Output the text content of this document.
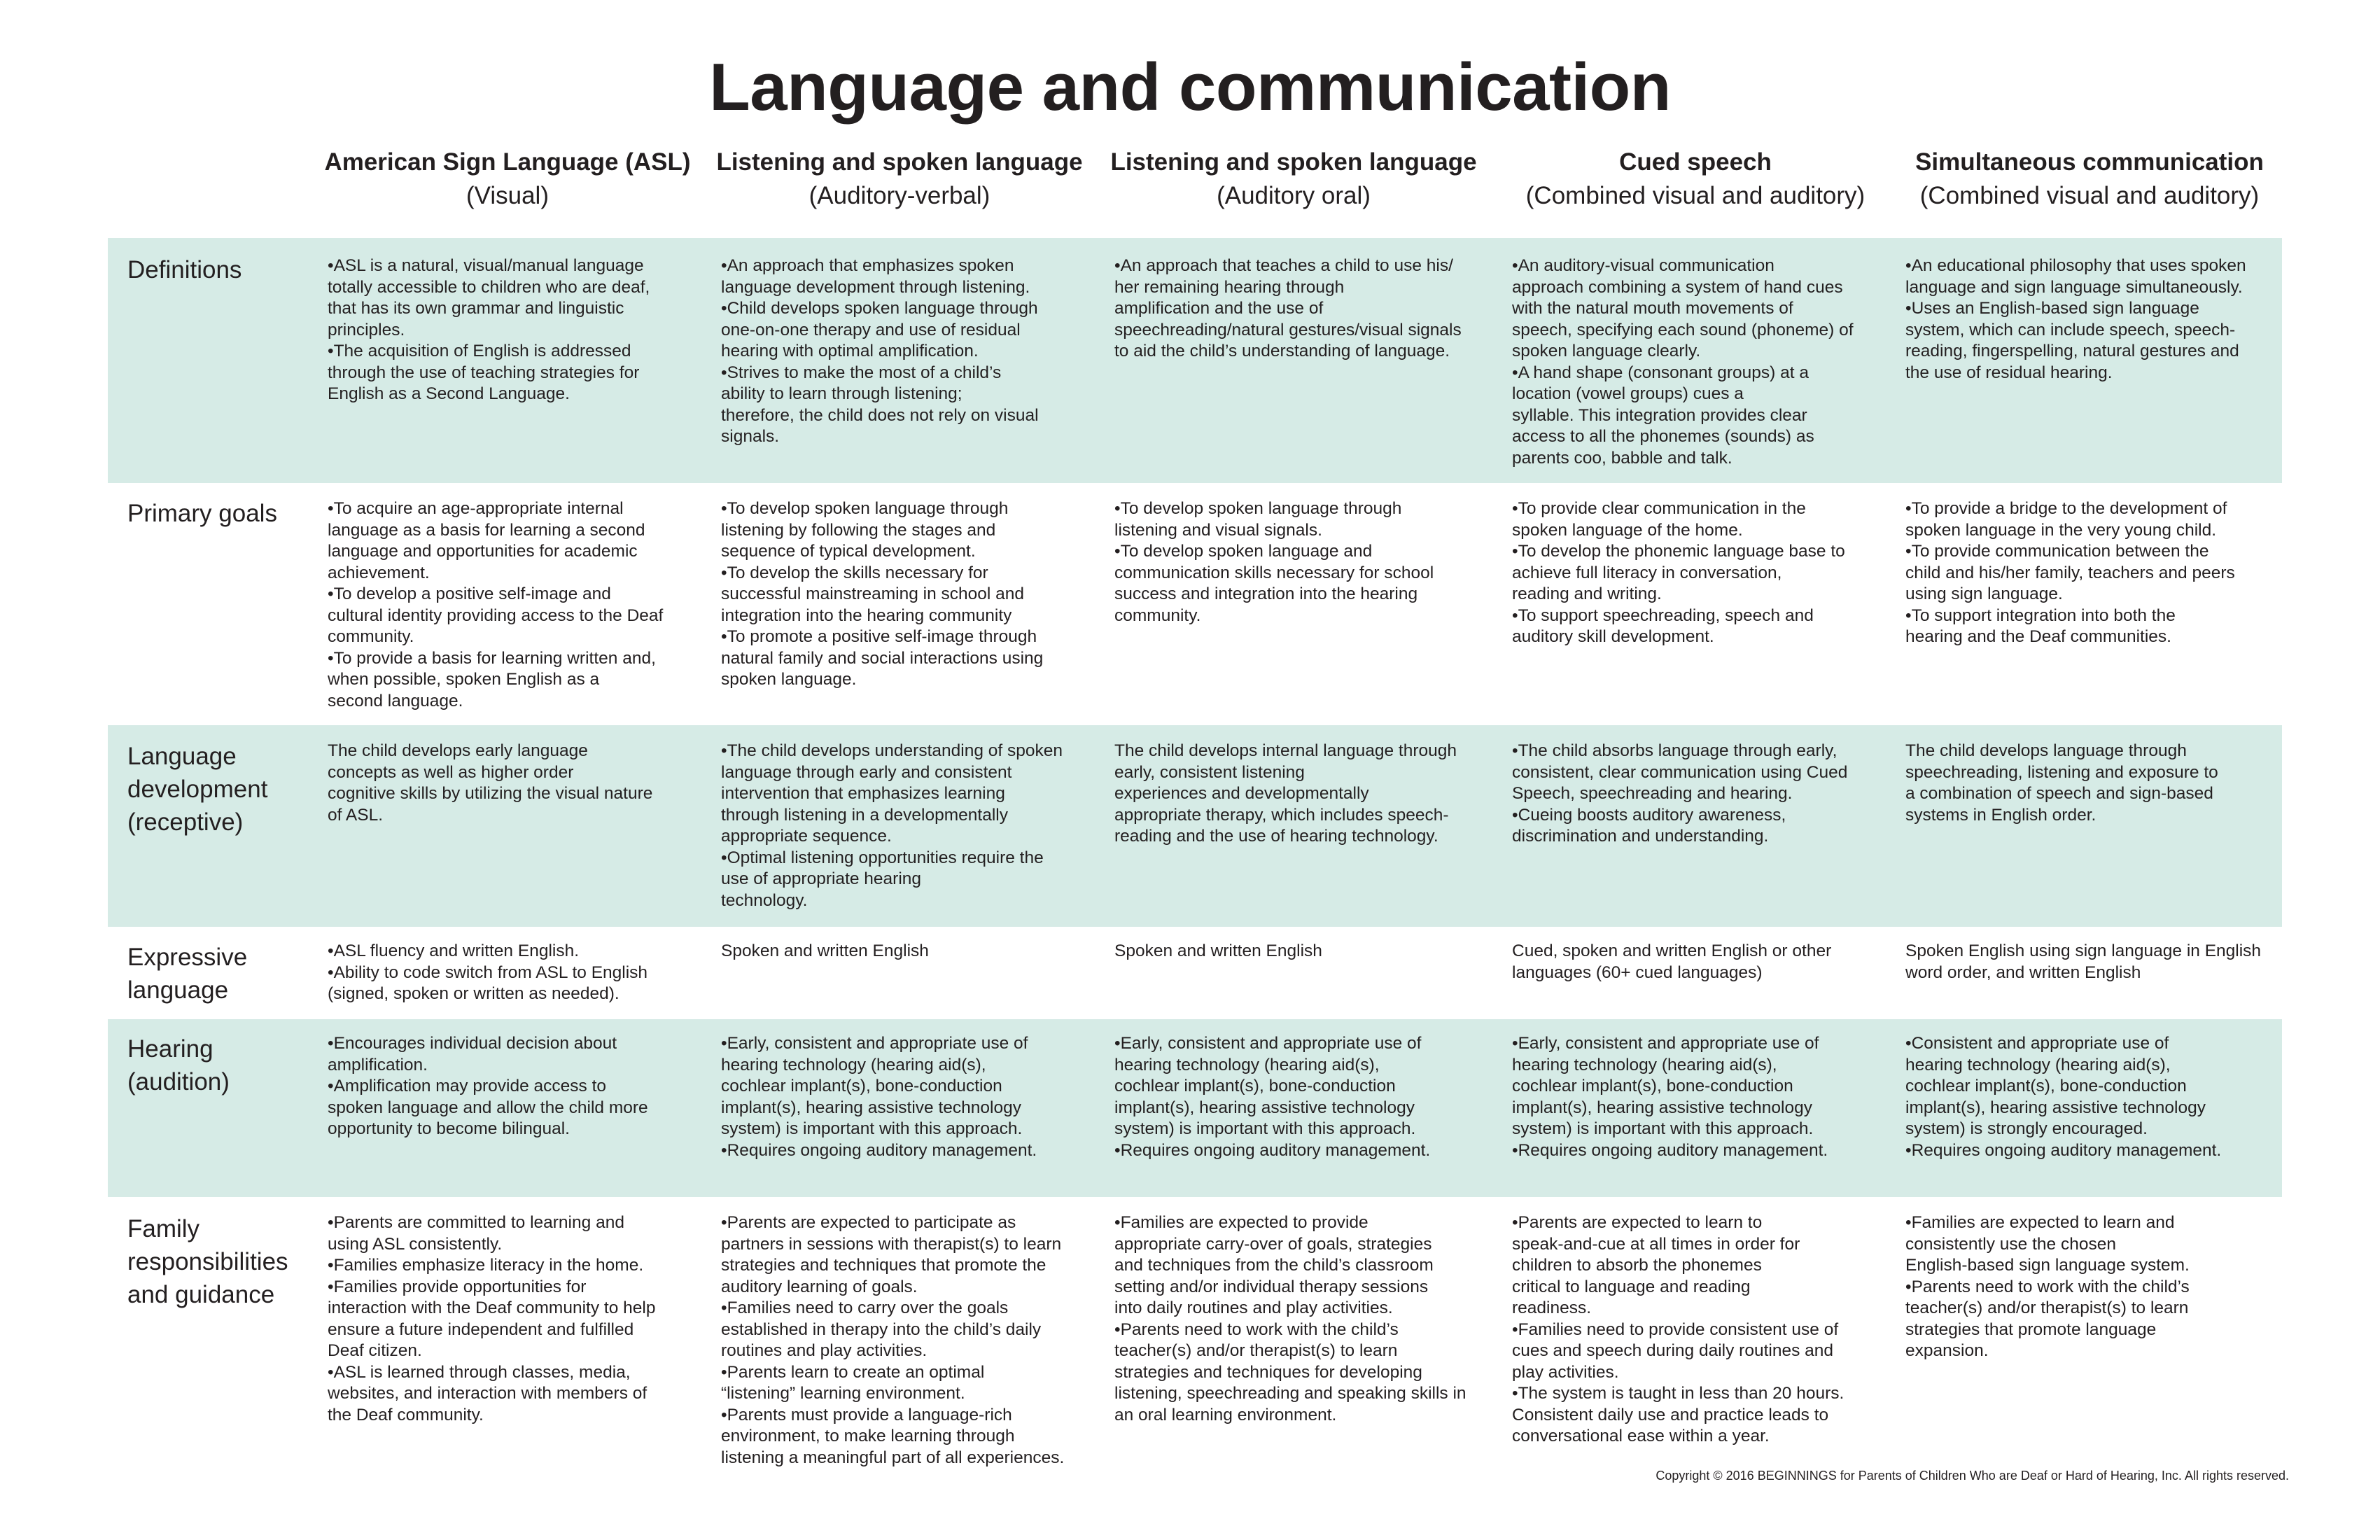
Language and communication
American Sign Language (ASL)
(Visual)
Listening and spoken language
(Auditory-verbal)
Listening and spoken language
(Auditory oral)
Cued speech
(Combined visual and auditory)
Simultaneous communication
(Combined visual and auditory)
Definitions
Primary goals
Language
development
(receptive)
Expressive
language
Hearing
(audition)
Family
responsibilities
and guidance
•ASL is a natural, visual/manual language
totally accessible to children who are deaf,
that has its own grammar and linguistic
principles.
•The acquisition of English is addressed
through the use of teaching strategies for
English as a Second Language.
•An approach that emphasizes spoken
language development through listening.
•Child develops spoken language through
one-on-one therapy and use of residual
hearing with optimal amplification.
•Strives to make the most of a child’s
ability to learn through listening;
therefore, the child does not rely on visual
signals.
•An approach that teaches a child to use his/
her remaining hearing through
amplification and the use of
speechreading/natural gestures/visual signals
to aid the child’s understanding of language.
•An auditory-visual communication
approach combining a system of hand cues
with the natural mouth movements of
speech, specifying each sound (phoneme) of
spoken language clearly.
•A hand shape (consonant groups) at a
location (vowel groups) cues a
syllable. This integration provides clear
access to all the phonemes (sounds) as
parents coo, babble and talk.
•An educational philosophy that uses spoken
language and sign language simultaneously.
•Uses an English-based sign language
system, which can include speech, speech-
reading, fingerspelling, natural gestures and
the use of residual hearing.
•To acquire an age-appropriate internal
language as a basis for learning a second
language and opportunities for academic
achievement.
•To develop a positive self-image and
cultural identity providing access to the Deaf
community.
•To provide a basis for learning written and,
when possible, spoken English as a
second language.
•To develop spoken language through
listening by following the stages and
sequence of typical development.
•To develop the skills necessary for
successful mainstreaming in school and
integration into the hearing community
•To promote a positive self-image through
natural family and social interactions using
spoken language.
•To develop spoken language through
listening and visual signals.
•To develop spoken language and
communication skills necessary for school
success and integration into the hearing
community.
•To provide clear communication in the
spoken language of the home.
•To develop the phonemic language base to
achieve full literacy in conversation,
reading and writing.
•To support speechreading, speech and
auditory skill development.
•To provide a bridge to the development of
spoken language in the very young child.
•To provide communication between the
child and his/her family, teachers and peers
using sign language.
•To support integration into both the
hearing and the Deaf communities.
The child develops early language
concepts as well as higher order
cognitive skills by utilizing the visual nature
of ASL.
•The child develops understanding of spoken
language through early and consistent
intervention that emphasizes learning
through listening in a developmentally
appropriate sequence.
•Optimal listening opportunities require the
use of appropriate hearing
technology.
The child develops internal language through
early, consistent listening
experiences and developmentally
appropriate therapy, which includes speech-
reading and the use of hearing technology.
•The child absorbs language through early,
consistent, clear communication using Cued
Speech, speechreading and hearing.
•Cueing boosts auditory awareness,
discrimination and understanding.
The child develops language through
speechreading, listening and exposure to
a combination of speech and sign-based
systems in English order.
•ASL fluency and written English.
•Ability to code switch from ASL to English
(signed, spoken or written as needed).
Spoken and written English	Spoken and written English	Cued, spoken and written English or other
languages (60+ cued languages)
Spoken English using sign language in English
word order, and written English
•Encourages individual decision about
amplification.
•Amplification may provide access to
spoken language and allow the child more
opportunity to become bilingual.
•Early, consistent and appropriate use of
hearing technology (hearing aid(s),
cochlear implant(s), bone-conduction
implant(s), hearing assistive technology
system) is important with this approach.
•Requires ongoing auditory management.
•Early, consistent and appropriate use of
hearing technology (hearing aid(s),
cochlear implant(s), bone-conduction
implant(s), hearing assistive technology
system) is important with this approach.
•Requires ongoing auditory management.
•Early, consistent and appropriate use of
hearing technology (hearing aid(s),
cochlear implant(s), bone-conduction
implant(s), hearing assistive technology
system) is important with this approach.
•Requires ongoing auditory management.
•Consistent and appropriate use of
hearing technology (hearing aid(s),
cochlear implant(s), bone-conduction
implant(s), hearing assistive technology
system) is strongly encouraged.
•Requires ongoing auditory management.
•Parents are committed to learning and
using ASL consistently.
•Families emphasize literacy in the home.
•Families provide opportunities for
interaction with the Deaf community to help
ensure a future independent and fulfilled
Deaf citizen.
•ASL is learned through classes, media,
websites, and interaction with members of
the Deaf community.
•Parents are expected to participate as
partners in sessions with therapist(s) to learn
strategies and techniques that promote the
auditory learning of goals.
•Families need to carry over the goals
established in therapy into the child’s daily
routines and play activities.
•Parents learn to create an optimal
“listening” learning environment.
•Parents must provide a language-rich
environment, to make learning through
listening a meaningful part of all experiences.
•Families are expected to provide
appropriate carry-over of goals, strategies
and techniques from the child’s classroom
setting and/or individual therapy sessions
into daily routines and play activities.
•Parents need to work with the child’s
teacher(s) and/or therapist(s) to learn
strategies and techniques for developing
listening, speechreading and speaking skills in
an oral learning environment.
•Parents are expected to learn to
speak-and-cue at all times in order for
children to absorb the phonemes
critical to language and reading
readiness.
•Families need to provide consistent use of
cues and speech during daily routines and
play activities.
•The system is taught in less than 20 hours.
Consistent daily use and practice leads to
conversational ease within a year.
•Families are expected to learn and
consistently use the chosen
English-based sign language system.
•Parents need to work with the child’s
teacher(s) and/or therapist(s) to learn
strategies that promote language
expansion.
Copyright © 2016 BEGINNINGS for Parents of Children Who are Deaf or Hard of Hearing, Inc. All rights reserved.
